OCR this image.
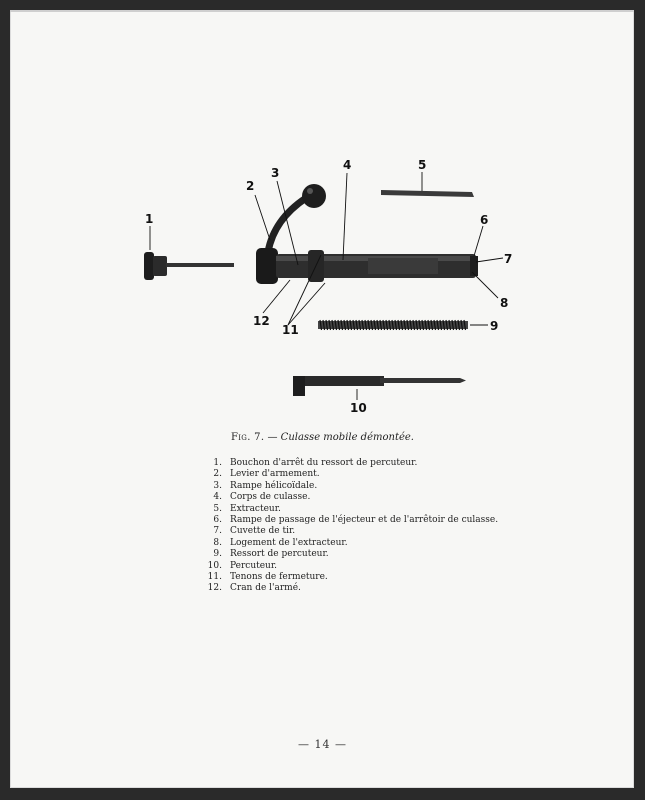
1
2
3
4	5
6
7
8
9
10
11
12
Fig. 7. — Culasse mobile démontée.
1. Bouchon d'arrêt du ressort de percuteur.
2. Levier d'armement.
3. Rampe hélicoïdale.
4. Corps de culasse.
5. Extracteur.
6. Rampe de passage de l'éjecteur et de l'arrêtoir de culasse.
7. Cuvette de tir.
8. Logement de l'extracteur.
9. Ressort de percuteur.
10. Percuteur.
11. Tenons de fermeture.
12. Cran de l'armé.
— 14 —
